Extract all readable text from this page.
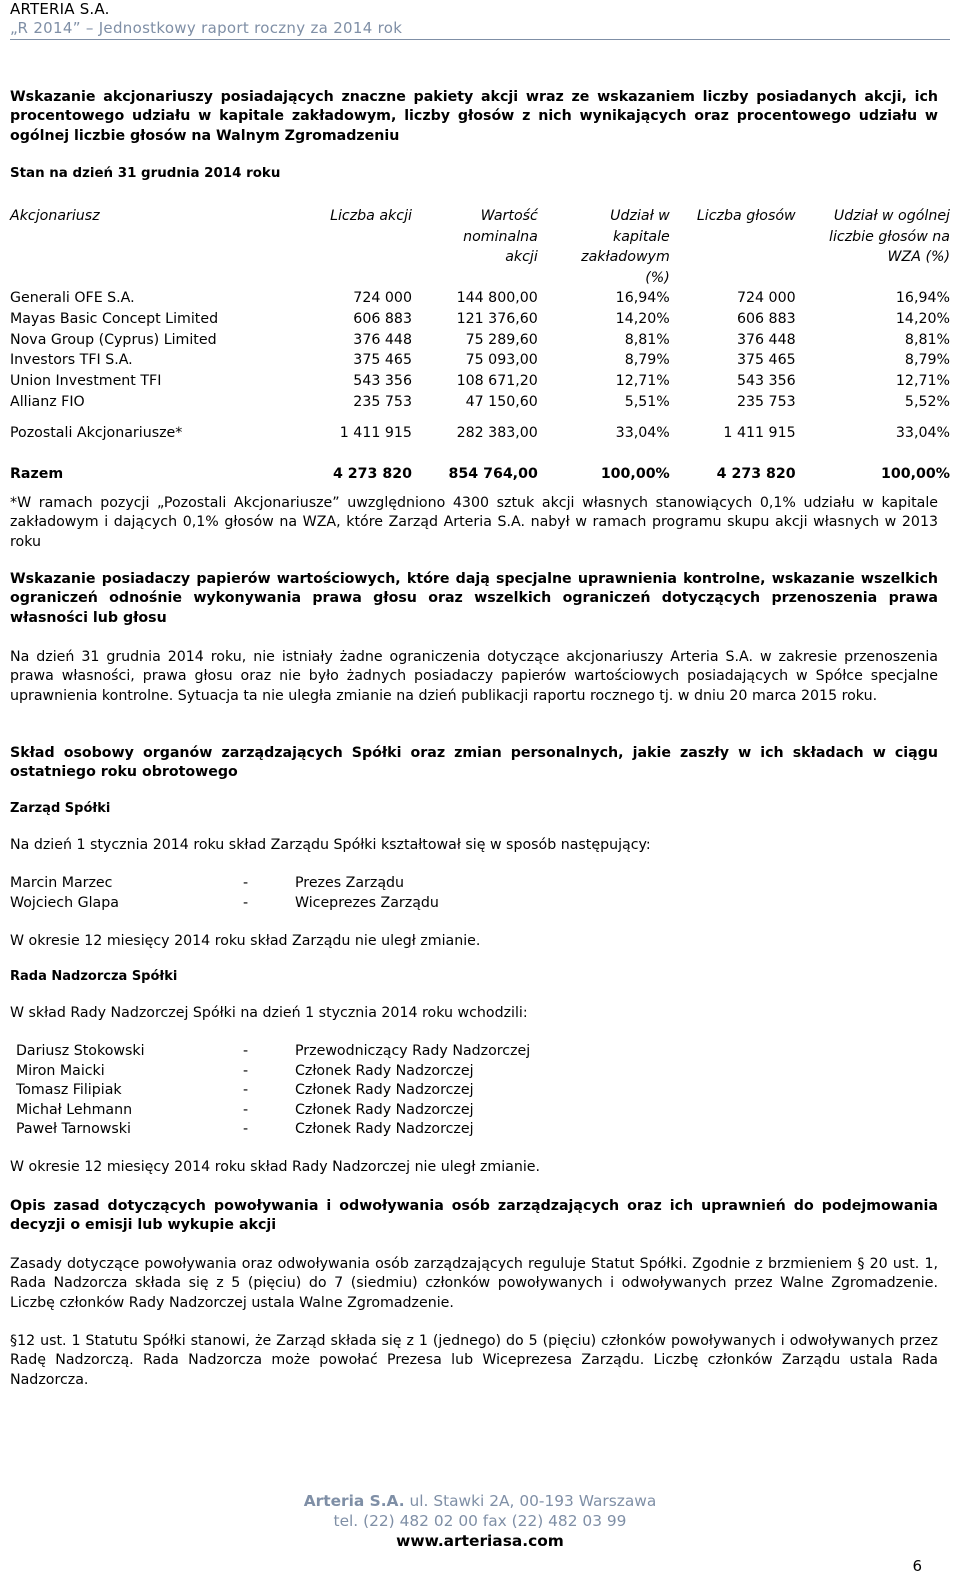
ARTERIA S.A.
„R 2014” – Jednostkowy raport roczny za 2014 rok
Wskazanie akcjonariuszy posiadających znaczne pakiety akcji wraz ze wskazaniem liczby posiadanych akcji, ich procentowego udziału w kapitale zakładowym, liczby głosów z nich wynikających oraz procentowego udziału w ogólnej liczbie głosów na Walnym Zgromadzeniu
Stan na dzień 31 grudnia 2014 roku
Akcjonariusz	Liczba akcji	Wartość nominalna akcji	Udział w kapitale zakładowym (%)	Liczba głosów	Udział w ogólnej liczbie głosów na WZA (%)

Generali OFE S.A.	724 000	144 800,00	16,94%	724 000	16,94%
Mayas Basic Concept Limited	606 883	121 376,60	14,20%	606 883	14,20%
Nova Group (Cyprus) Limited	376 448	75 289,60	8,81%	376 448	8,81%
Investors TFI S.A.	375 465	75 093,00	8,79%	375 465	8,79%
Union Investment TFI	543 356	108 671,20	12,71%	543 356	12,71%
Allianz FIO	235 753	47 150,60	5,51%	235 753	5,52%

Pozostali Akcjonariusze*	1 411 915	282 383,00	33,04%	1 411 915	33,04%

Razem	4 273 820	854 764,00	100,00%	4 273 820	100,00%
*W ramach pozycji „Pozostali Akcjonariusze” uwzględniono 4300 sztuk akcji własnych stanowiących 0,1% udziału w kapitale zakładowym i dających 0,1% głosów na WZA, które Zarząd Arteria S.A. nabył w ramach programu skupu akcji własnych w 2013 roku
Wskazanie posiadaczy papierów wartościowych, które dają specjalne uprawnienia kontrolne, wskazanie wszelkich ograniczeń odnośnie wykonywania prawa głosu oraz wszelkich ograniczeń dotyczących przenoszenia prawa własności lub głosu
Na dzień 31 grudnia 2014 roku, nie istniały żadne ograniczenia dotyczące akcjonariuszy Arteria S.A. w zakresie przenoszenia prawa własności, prawa głosu oraz nie było żadnych posiadaczy papierów wartościowych posiadających w Spółce specjalne uprawnienia kontrolne. Sytuacja ta nie uległa zmianie na dzień publikacji raportu rocznego tj. w dniu 20 marca 2015 roku.
Skład osobowy organów zarządzających Spółki oraz zmian personalnych, jakie zaszły w ich składach w ciągu ostatniego roku obrotowego
Zarząd Spółki
Na dzień 1 stycznia 2014 roku skład Zarządu Spółki kształtował się w sposób następujący:
Marcin Marzec	-	Prezes Zarządu
Wojciech Glapa	-	Wiceprezes Zarządu
W okresie 12 miesięcy 2014 roku skład Zarządu nie uległ zmianie.
Rada Nadzorcza Spółki
W skład Rady Nadzorczej Spółki na dzień 1 stycznia 2014 roku wchodzili:
Dariusz Stokowski	-	Przewodniczący Rady Nadzorczej
Miron Maicki	-	Członek Rady Nadzorczej
Tomasz Filipiak	-	Członek Rady Nadzorczej
Michał Lehmann	-	Członek Rady Nadzorczej
Paweł Tarnowski	-	Członek Rady Nadzorczej
W okresie 12 miesięcy 2014 roku skład Rady Nadzorczej nie uległ zmianie.
Opis zasad dotyczących powoływania i odwoływania osób zarządzających oraz ich uprawnień do podejmowania decyzji o emisji lub wykupie akcji
Zasady dotyczące powoływania oraz odwoływania osób zarządzających reguluje Statut Spółki. Zgodnie z brzmieniem § 20 ust. 1, Rada Nadzorcza składa się z 5 (pięciu) do 7 (siedmiu) członków powoływanych i odwoływanych przez Walne Zgromadzenie. Liczbę członków Rady Nadzorczej ustala Walne Zgromadzenie.
§12 ust. 1 Statutu Spółki stanowi, że Zarząd składa się z 1 (jednego) do 5 (pięciu) członków powoływanych i odwoływanych przez Radę Nadzorczą. Rada Nadzorcza może powołać Prezesa lub Wiceprezesa Zarządu. Liczbę członków Zarządu ustala Rada Nadzorcza.
Arteria S.A. ul. Stawki 2A, 00-193 Warszawa
tel. (22) 482 02 00 fax (22) 482 03 99
www.arteriasa.com
6
